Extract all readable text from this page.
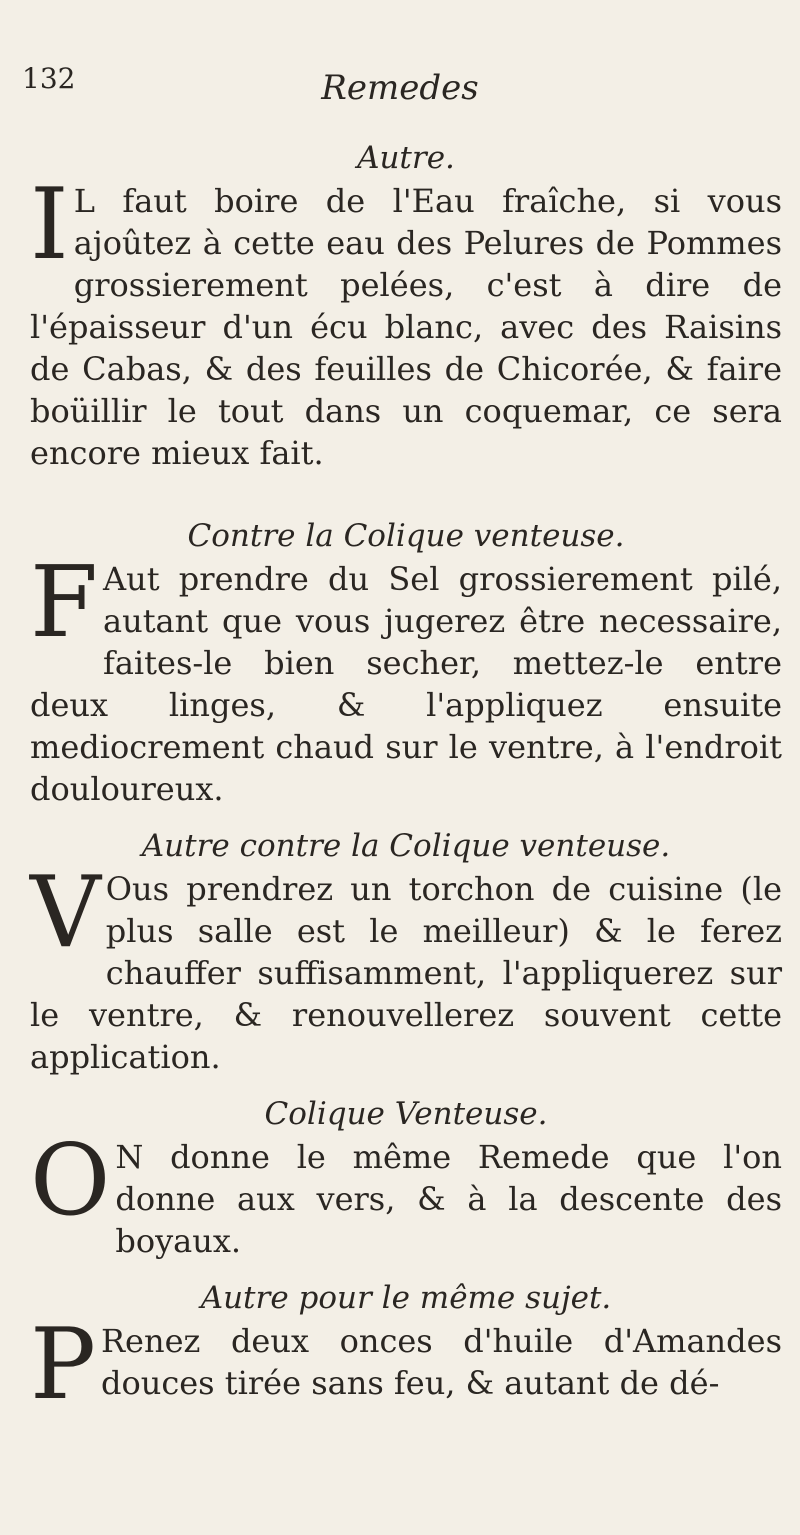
132	Remedes

Autre.

I L faut boire de l'Eau fraîche, si vous ajoûtez à cette eau des Pelures de Pommes grossierement pelées, c'est à dire de l'épaisseur d'un écu blanc, avec des Raisins de Cabas, & des feuilles de Chicorée, & faire boüillir le tout dans un coquemar, ce sera encore mieux fait.

Contre la Colique venteuse.

F Aut prendre du Sel grossierement pilé, autant que vous jugerez être necessaire, faites-le bien secher, mettez-le entre deux linges, & l'appliquez ensuite mediocrement chaud sur le ventre, à l'endroit douloureux.

Autre contre la Colique venteuse.

V Ous prendrez un torchon de cuisine (le plus salle est le meilleur) & le ferez chauffer suffisamment, l'appliquerez sur le ventre, & renouvellerez souvent cette application.

Colique Venteuse.

O N donne le même Remede que l'on donne aux vers, & à la descente des boyaux.

Autre pour le même sujet.

P Renez deux onces d'huile d'Amandes douces tirée sans feu, & autant de dé-
